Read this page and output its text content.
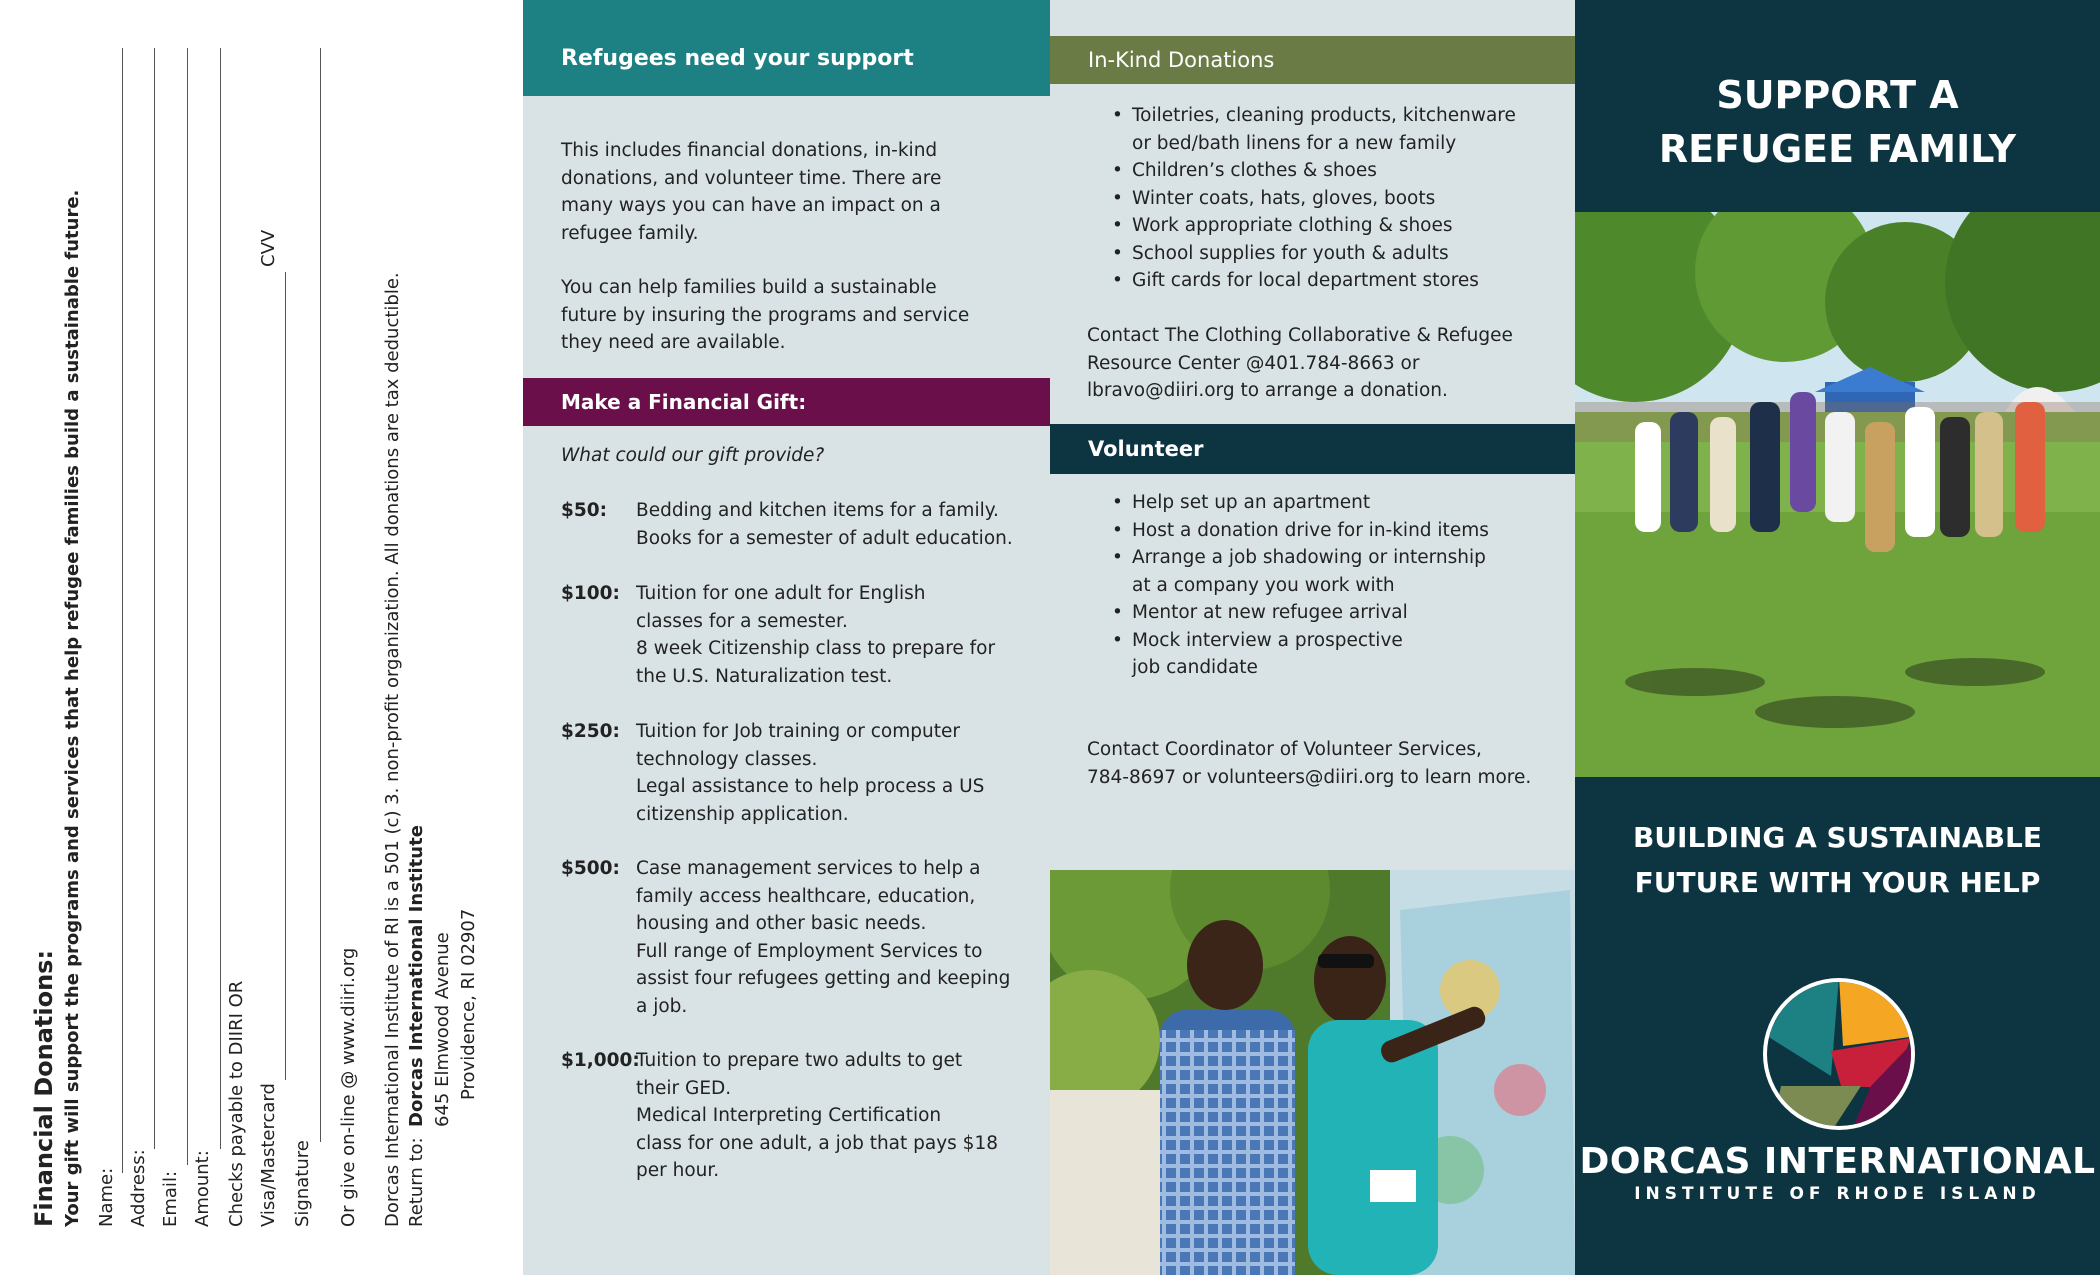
Financial Donations: Your gift will support the programs and services that help refugee families build a sustainable future. Name: Address: Email: Amount: Checks payable to DIIRI OR Visa/Mastercard
CVV
Signature Or give on-line @ www.diiri.org Dorcas International Institute of RI is a 501 (c) 3. non-profit organization. All donations are tax deductible. Return to:
Dorcas International Institute 645 Elmwood Avenue Providence, RI 02907
Refugees need your support
This includes financial donations, in-kind
donations, and volunteer time. There are
many ways you can have an impact on a
refugee family.
You can help families build a sustainable
future by insuring the programs and service
they need are available.
Make a Financial Gift:
What could our gift provide?
$50: Bedding and kitchen items for a family.
Books for a semester of adult education.
$100: Tuition for one adult for English
classes for a semester.
8 week Citizenship class to prepare for
the U.S. Naturalization test.
$250: Tuition for Job training or computer
technology classes.
Legal assistance to help process a US
citizenship application.
$500: Case management services to help a
family access healthcare, education,
housing and other basic needs.
Full range of Employment Services to
assist four refugees getting and keeping
a job.
$1,000:
Tuition to prepare two adults to get
their GED.
Medical Interpreting Certification
class for one adult, a job that pays $18
per hour.
In-Kind Donations
• Toiletries, cleaning products, kitchenware
or bed/bath linens for a new family
• Children’s clothes & shoes
• Winter coats, hats, gloves, boots
• Work appropriate clothing & shoes
• School supplies for youth & adults
• Gift cards for local department stores
Contact The Clothing Collaborative & Refugee
Resource Center @401.784-8663 or
lbravo@diiri.org to arrange a donation.
Volunteer
• Help set up an apartment
• Host a donation drive for in-kind items
• Arrange a job shadowing or internship
at a company you work with
• Mentor at new refugee arrival
• Mock interview a prospective
job candidate
Contact Coordinator of Volunteer Services,
784-8697 or volunteers@diiri.org to learn more.
SUPPORT A
REFUGEE FAMILY
BUILDING A SUSTAINABLE
FUTURE WITH YOUR HELP
DORCAS INTERNATIONAL
INSTITUTE OF RHODE ISLAND
